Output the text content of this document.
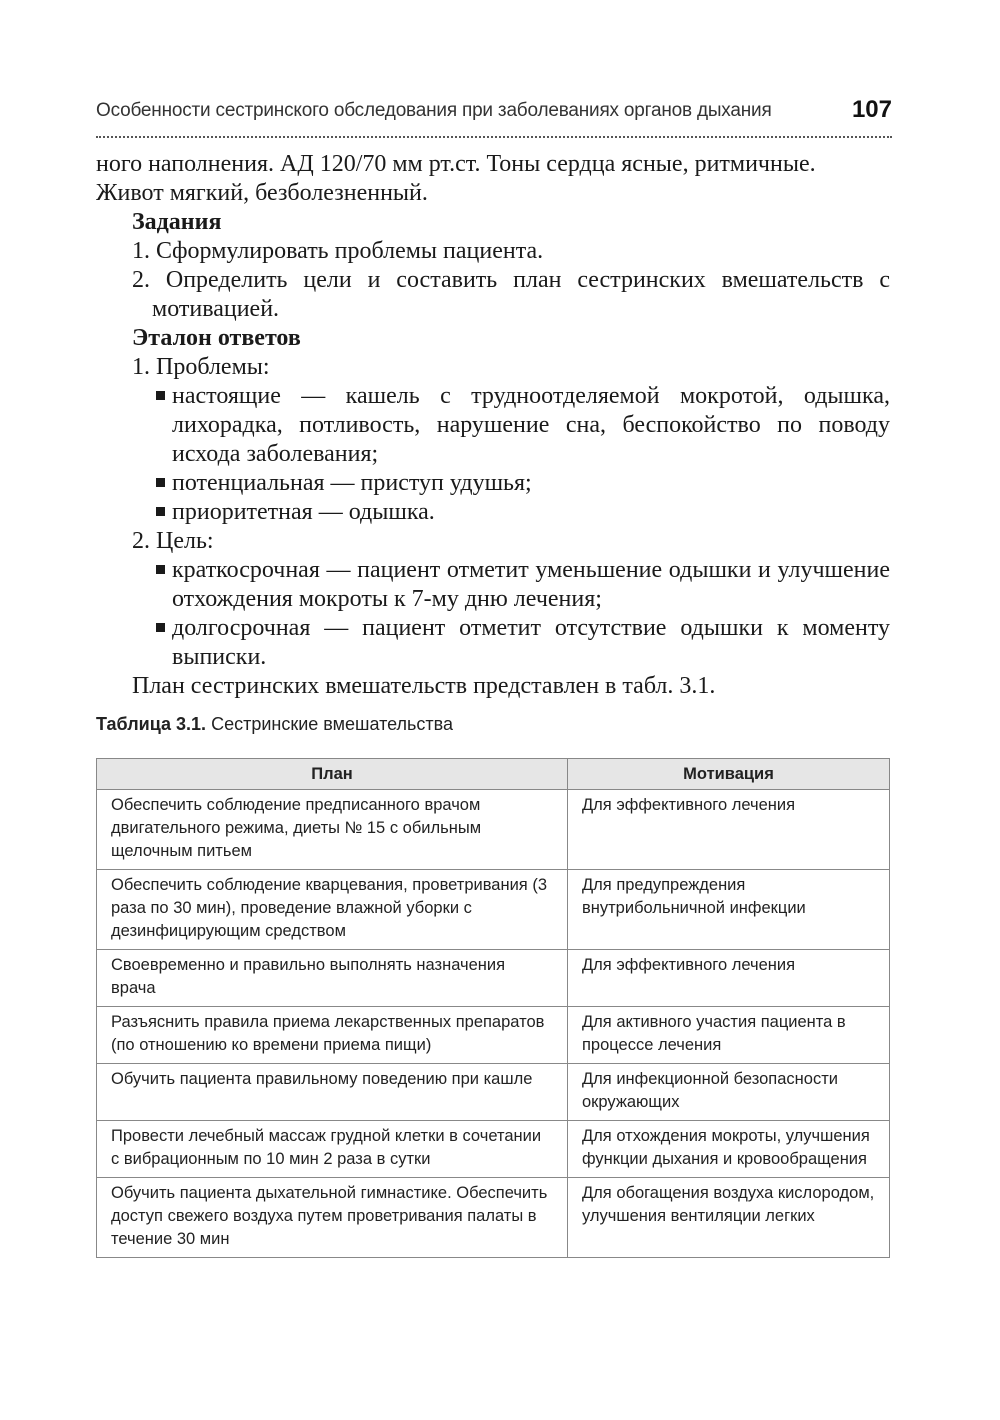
Особенности сестринского обследования при заболеваниях органов дыхания	107

ного наполнения. АД 120/70 мм рт.ст. Тоны сердца ясные, ритмичные.

Живот мягкий, безболезненный.

Задания

1. Сформулировать проблемы пациента.

2. Определить цели и составить план сестринских вмешательств с мотивацией.

Эталон ответов

1. Проблемы:

настоящие — кашель с трудноотделяемой мокротой, одышка, лихорадка, потливость, нарушение сна, беспокойство по поводу исхода заболевания;

потенциальная — приступ удушья;

приоритетная — одышка.

2. Цель:

краткосрочная — пациент отметит уменьшение одышки и улучшение отхождения мокроты к 7-му дню лечения;

долгосрочная — пациент отметит отсутствие одышки к моменту выписки.

План сестринских вмешательств представлен в табл. 3.1.

Таблица 3.1. Сестринские вмешательства
План	Мотивация
Обеспечить соблюдение предписанного врачом двигательного режима, диеты № 15 с обильным щелочным питьем	Для эффективного лечения
Обеспечить соблюдение кварцевания, проветривания (3 раза по 30 мин), проведение влажной уборки с дезинфицирующим средством	Для предупреждения внутрибольничной инфекции
Своевременно и правильно выполнять назначения врача	Для эффективного лечения
Разъяснить правила приема лекарственных препаратов (по отношению ко времени приема пищи)	Для активного участия пациента в процессе лечения
Обучить пациента правильному поведению при кашле	Для инфекционной безопасности окружающих
Провести лечебный массаж грудной клетки в сочетании с вибрационным по 10 мин 2 раза в сутки	Для отхождения мокроты, улучшения функции дыхания и кровообращения
Обучить пациента дыхательной гимнастике. Обеспечить доступ свежего воздуха путем проветривания палаты в течение 30 мин	Для обогащения воздуха кислородом, улучшения вентиляции легких
